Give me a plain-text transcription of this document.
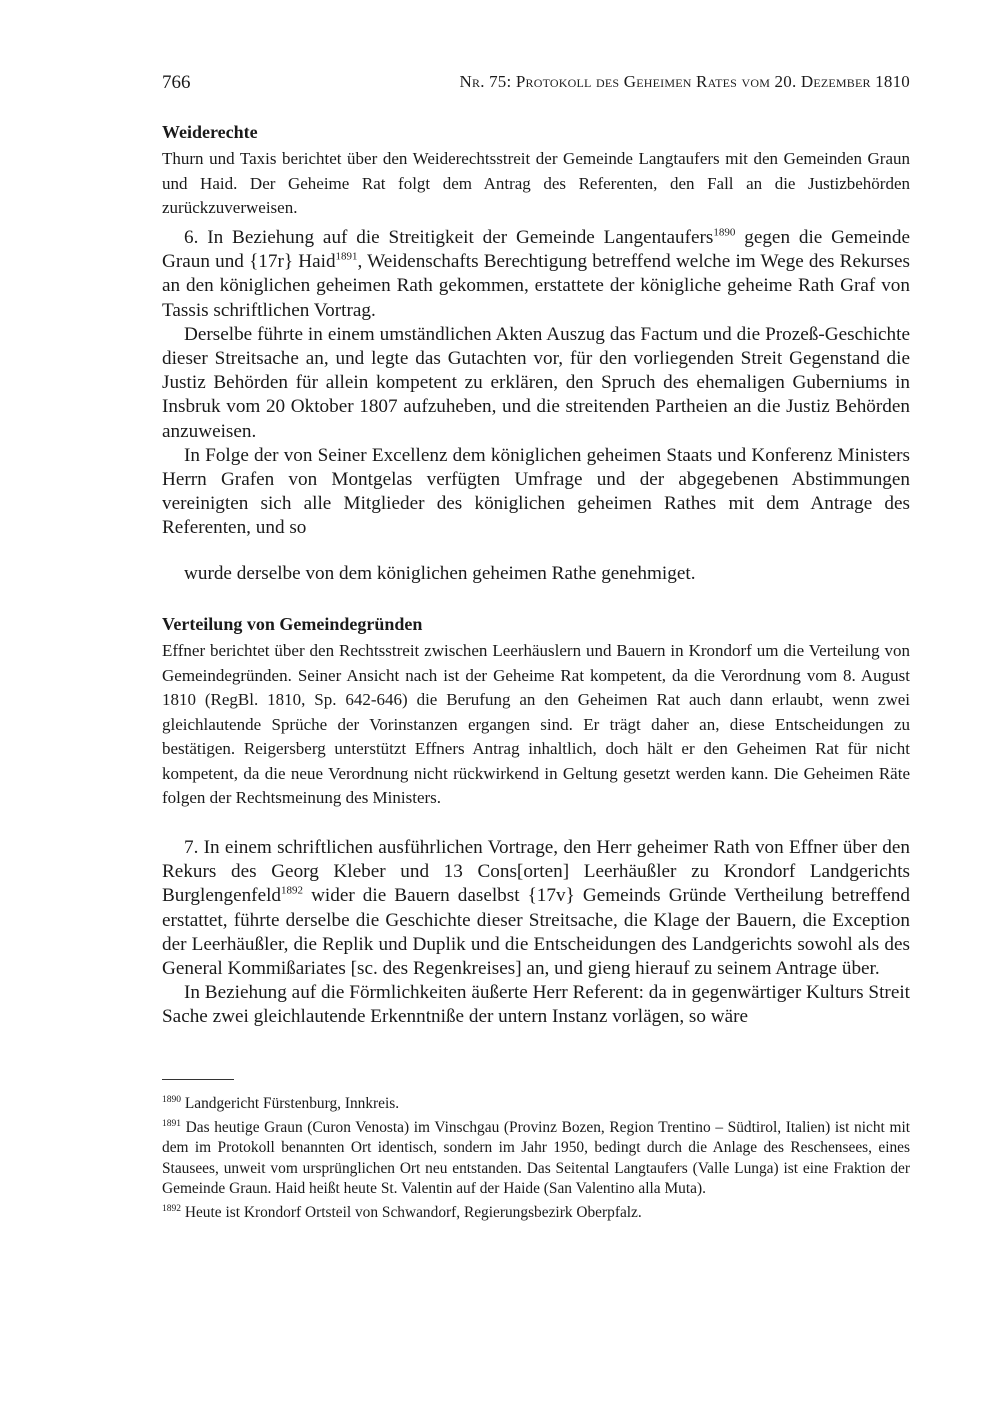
766	Nr. 75: Protokoll des Geheimen Rates vom 20. Dezember 1810

Weiderechte

Thurn und Taxis berichtet über den Weiderechtsstreit der Gemeinde Langtaufers mit den Gemeinden Graun und Haid. Der Geheime Rat folgt dem Antrag des Referenten, den Fall an die Justizbehörden zurückzuverweisen.

6. In Beziehung auf die Streitigkeit der Gemeinde Langentaufers$^{1890}$ gegen die Gemeinde Graun und {17r} Haid$^{1891}$, Weidenschafts Berechtigung betreffend welche im Wege des Rekurses an den königlichen geheimen Rath gekommen, erstattete der königliche geheime Rath Graf von Tassis schriftlichen Vortrag.

Derselbe führte in einem umständlichen Akten Auszug das Factum und die Prozeß-Geschichte dieser Streitsache an, und legte das Gutachten vor, für den vorliegenden Streit Gegenstand die Justiz Behörden für allein kompetent zu erklären, den Spruch des ehemaligen Guberniums in Insbruk vom 20 Oktober 1807 aufzuheben, und die streitenden Partheien an die Justiz Behörden anzuweisen.

In Folge der von Seiner Excellenz dem königlichen geheimen Staats und Konferenz Ministers Herrn Grafen von Montgelas verfügten Umfrage und der abgegebenen Abstimmungen vereinigten sich alle Mitglieder des königlichen geheimen Rathes mit dem Antrage des Referenten, und so

wurde derselbe von dem königlichen geheimen Rathe genehmiget.

Verteilung von Gemeindegründen

Effner berichtet über den Rechtsstreit zwischen Leerhäuslern und Bauern in Krondorf um die Verteilung von Gemeindegründen. Seiner Ansicht nach ist der Geheime Rat kompetent, da die Verordnung vom 8. August 1810 (RegBl. 1810, Sp. 642-646) die Berufung an den Geheimen Rat auch dann erlaubt, wenn zwei gleichlautende Sprüche der Vorinstanzen ergangen sind. Er trägt daher an, diese Entscheidungen zu bestätigen. Reigersberg unterstützt Effners Antrag inhaltlich, doch hält er den Geheimen Rat für nicht kompetent, da die neue Verordnung nicht rückwirkend in Geltung gesetzt werden kann. Die Geheimen Räte folgen der Rechtsmeinung des Ministers.

7. In einem schriftlichen ausführlichen Vortrage, den Herr geheimer Rath von Effner über den Rekurs des Georg Kleber und 13 Cons[orten] Leerhäußler zu Krondorf Landgerichts Burglengenfeld$^{1892}$ wider die Bauern daselbst {17v} Gemeinds Gründe Vertheilung betreffend erstattet, führte derselbe die Geschichte dieser Streitsache, die Klage der Bauern, die Exception der Leerhäußler, die Replik und Duplik und die Entscheidungen des Landgerichts sowohl als des General Kommißariates [sc. des Regenkreises] an, und gieng hierauf zu seinem Antrage über.

In Beziehung auf die Förmlichkeiten äußerte Herr Referent: da in gegenwärtiger Kulturs Streit Sache zwei gleichlautende Erkenntniße der untern Instanz vorlägen, so wäre

$^{1890}$ Landgericht Fürstenburg, Innkreis.

$^{1891}$ Das heutige Graun (Curon Venosta) im Vinschgau (Provinz Bozen, Region Trentino – Südtirol, Italien) ist nicht mit dem im Protokoll benannten Ort identisch, sondern im Jahr 1950, bedingt durch die Anlage des Reschensees, eines Stausees, unweit vom ursprünglichen Ort neu entstanden. Das Seitental Langtaufers (Valle Lunga) ist eine Fraktion der Gemeinde Graun. Haid heißt heute St. Valentin auf der Haide (San Valentino alla Muta).

$^{1892}$ Heute ist Krondorf Ortsteil von Schwandorf, Regierungsbezirk Oberpfalz.
